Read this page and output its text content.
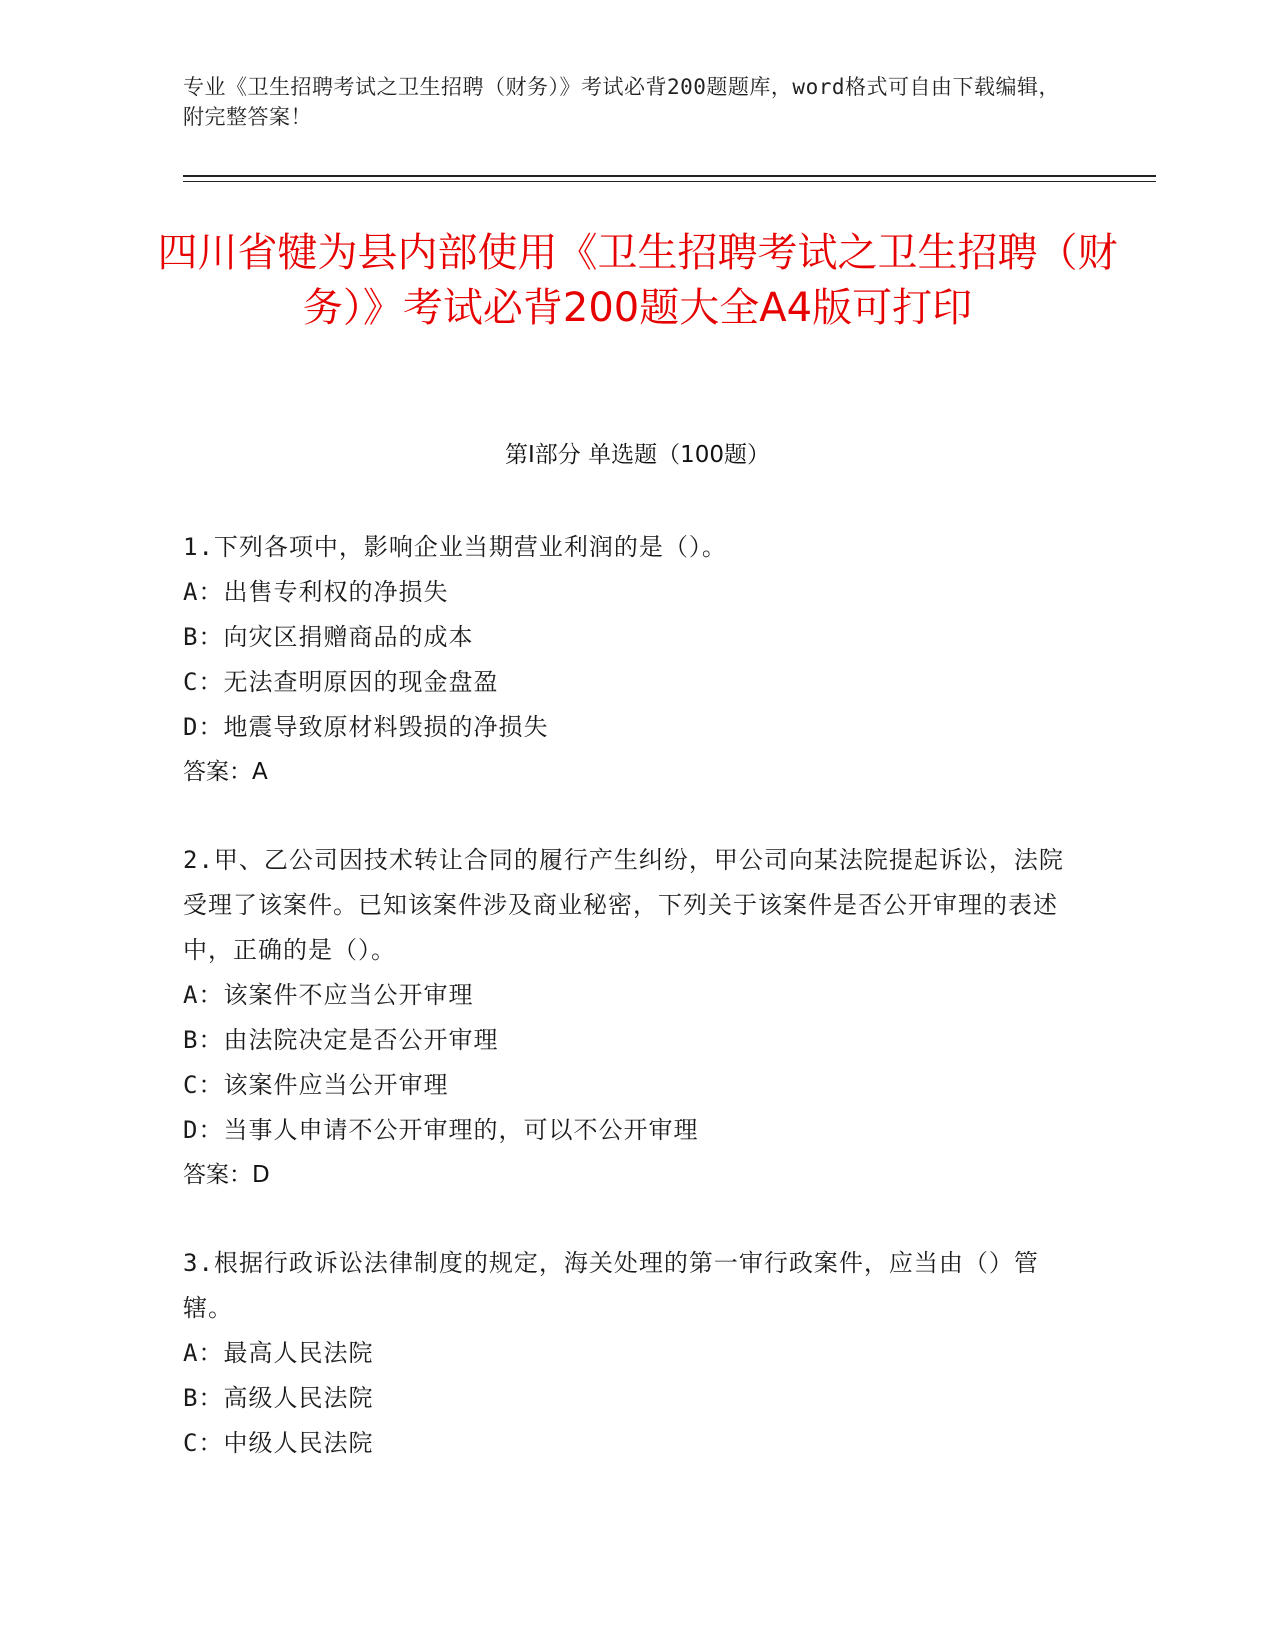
专业《卫生招聘考试之卫生招聘（财务）》考试必背200题题库，word格式可自由下载编辑，附完整答案！
四川省犍为县内部使用《卫生招聘考试之卫生招聘（财务）》考试必背200题大全A4版可打印
第Ⅰ部分 单选题（100题）
1.下列各项中，影响企业当期营业利润的是（）。
A：出售专利权的净损失
B：向灾区捐赠商品的成本
C：无法查明原因的现金盘盈
D：地震导致原材料毁损的净损失
答案：A
2.甲、乙公司因技术转让合同的履行产生纠纷，甲公司向某法院提起诉讼，法院受理了该案件。已知该案件涉及商业秘密，下列关于该案件是否公开审理的表述中，正确的是（）。
A：该案件不应当公开审理
B：由法院决定是否公开审理
C：该案件应当公开审理
D：当事人申请不公开审理的，可以不公开审理
答案：D
3.根据行政诉讼法律制度的规定，海关处理的第一审行政案件，应当由（）管辖。
A：最高人民法院
B：高级人民法院
C：中级人民法院
